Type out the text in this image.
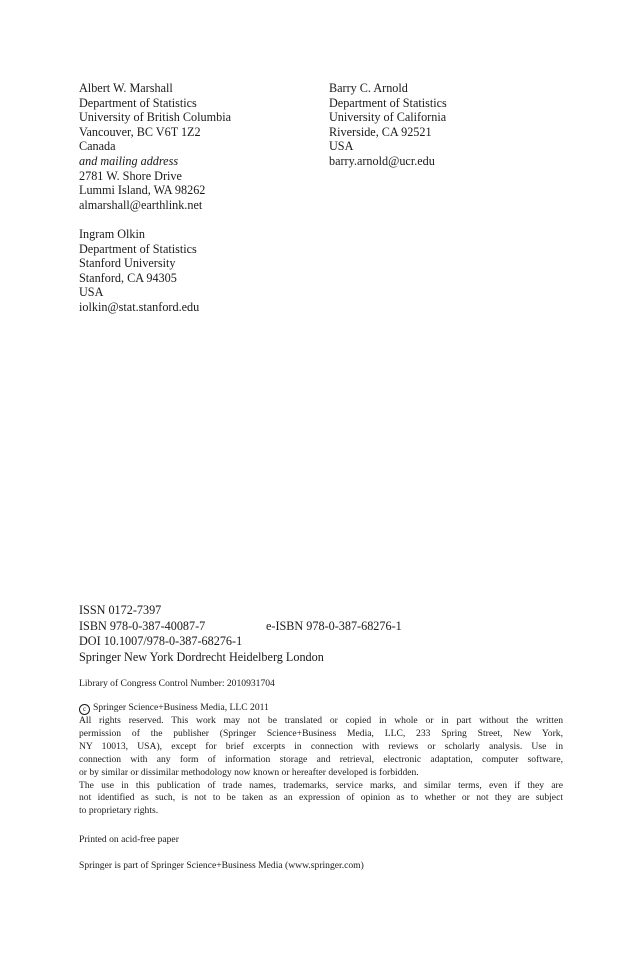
Albert W. Marshall
Department of Statistics
University of British Columbia
Vancouver, BC V6T 1Z2
Canada
and mailing address
2781 W. Shore Drive
Lummi Island, WA 98262
almarshall@earthlink.net
Barry C. Arnold
Department of Statistics
University of California
Riverside, CA 92521
USA
barry.arnold@ucr.edu
Ingram Olkin
Department of Statistics
Stanford University
Stanford, CA 94305
USA
iolkin@stat.stanford.edu
ISSN 0172-7397
ISBN 978-0-387-40087-7	e-ISBN 978-0-387-68276-1
DOI 10.1007/978-0-387-68276-1
Springer New York Dordrecht Heidelberg London
Library of Congress Control Number: 2010931704

c Springer Science+Business Media, LLC 2011

All rights reserved. This work may not be translated or copied in whole or in part without the written
permission of the publisher (Springer Science+Business Media, LLC, 233 Spring Street, New York,
NY 10013, USA), except for brief excerpts in connection with reviews or scholarly analysis. Use in
connection with any form of information storage and retrieval, electronic adaptation, computer software,
or by similar or dissimilar methodology now known or hereafter developed is forbidden.

The use in this publication of trade names, trademarks, service marks, and similar terms, even if they are
not identified as such, is not to be taken as an expression of opinion as to whether or not they are subject
to proprietary rights.

Printed on acid-free paper
Springer is part of Springer Science+Business Media (www.springer.com)
